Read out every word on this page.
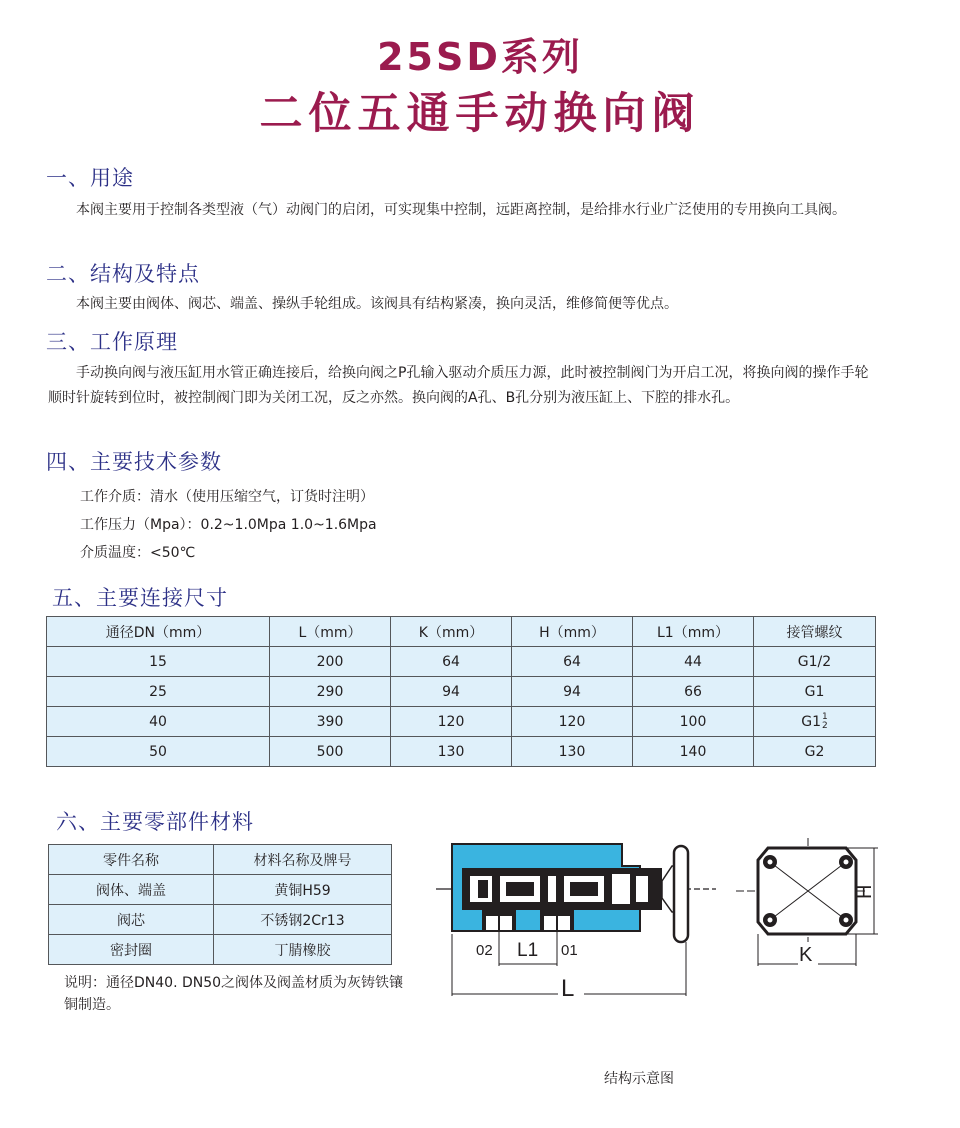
25SD系列
二位五通手动换向阀
一、用途
本阀主要用于控制各类型液（气）动阀门的启闭，可实现集中控制，远距离控制，是给排水行业广泛使用的专用换向工具阀。
二、结构及特点
本阀主要由阀体、阀芯、端盖、操纵手轮组成。该阀具有结构紧凑，换向灵活，维修简便等优点。
三、工作原理
手动换向阀与液压缸用水管正确连接后，给换向阀之P孔输入驱动介质压力源，此时被控制阀门为开启工况，将换向阀的操作手轮顺时针旋转到位时，被控制阀门即为关闭工况，反之亦然。换向阀的A孔、B孔分别为液压缸上、下腔的排水孔。
四、主要技术参数
工作介质：清水（使用压缩空气，订货时注明）
工作压力（Mpa）：0.2~1.0Mpa 1.0~1.6Mpa
介质温度：<50℃
五、主要连接尺寸
通径DN（mm）	L（mm）	K（mm）	H（mm）	L1（mm）	接管螺纹
15	200	64	64	44	G1/2
25	290	94	94	66	G1
40	390	120	120	100	G1 1
2

50	500	130	130	140	G2
六、主要零部件材料
零件名称	材料名称及牌号
阀体、端盖	黄铜H59
阀芯	不锈钢2Cr13
密封圈	丁腈橡胶
说明：通径DN40. DN50之阀体及阀盖材质为灰铸铁镶铜制造。
02 L1 01
L
H
K
结构示意图
